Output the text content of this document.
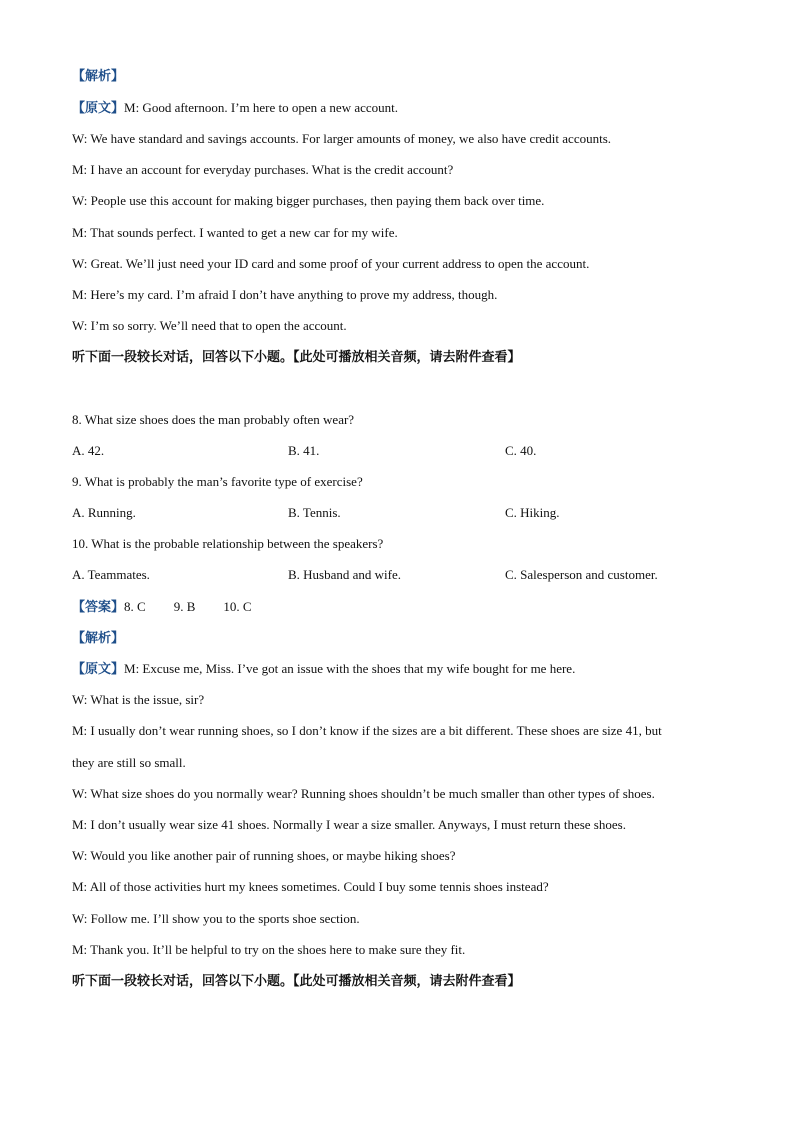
【解析】
【原文】M: Good afternoon. I’m here to open a new account.
W: We have standard and savings accounts. For larger amounts of money, we also have credit accounts.
M: I have an account for everyday purchases. What is the credit account?
W: People use this account for making bigger purchases, then paying them back over time.
M: That sounds perfect. I wanted to get a new car for my wife.
W: Great. We’ll just need your ID card and some proof of your current address to open the account.
M: Here’s my card. I’m afraid I don’t have anything to prove my address, though.
W: I’m so sorry. We’ll need that to open the account.
听下面一段较长对话，回答以下小题。【此处可播放相关音频，请去附件查看】
8. What size shoes does the man probably often wear?
A. 42.	B. 41.	C. 40.
9. What is probably the man’s favorite type of exercise?
A. Running.	B. Tennis.	C. Hiking.
10. What is the probable relationship between the speakers?
A. Teammates.	B. Husband and wife.	C. Salesperson and customer.
【答案】8. C 9. B 10. C
【解析】
【原文】M: Excuse me, Miss. I’ve got an issue with the shoes that my wife bought for me here.
W: What is the issue, sir?
M: I usually don’t wear running shoes, so I don’t know if the sizes are a bit different. These shoes are size 41, but
they are still so small.
W: What size shoes do you normally wear? Running shoes shouldn’t be much smaller than other types of shoes.
M: I don’t usually wear size 41 shoes. Normally I wear a size smaller. Anyways, I must return these shoes.
W: Would you like another pair of running shoes, or maybe hiking shoes?
M: All of those activities hurt my knees sometimes. Could I buy some tennis shoes instead?
W: Follow me. I’ll show you to the sports shoe section.
M: Thank you. It’ll be helpful to try on the shoes here to make sure they fit.
听下面一段较长对话，回答以下小题。【此处可播放相关音频，请去附件查看】
